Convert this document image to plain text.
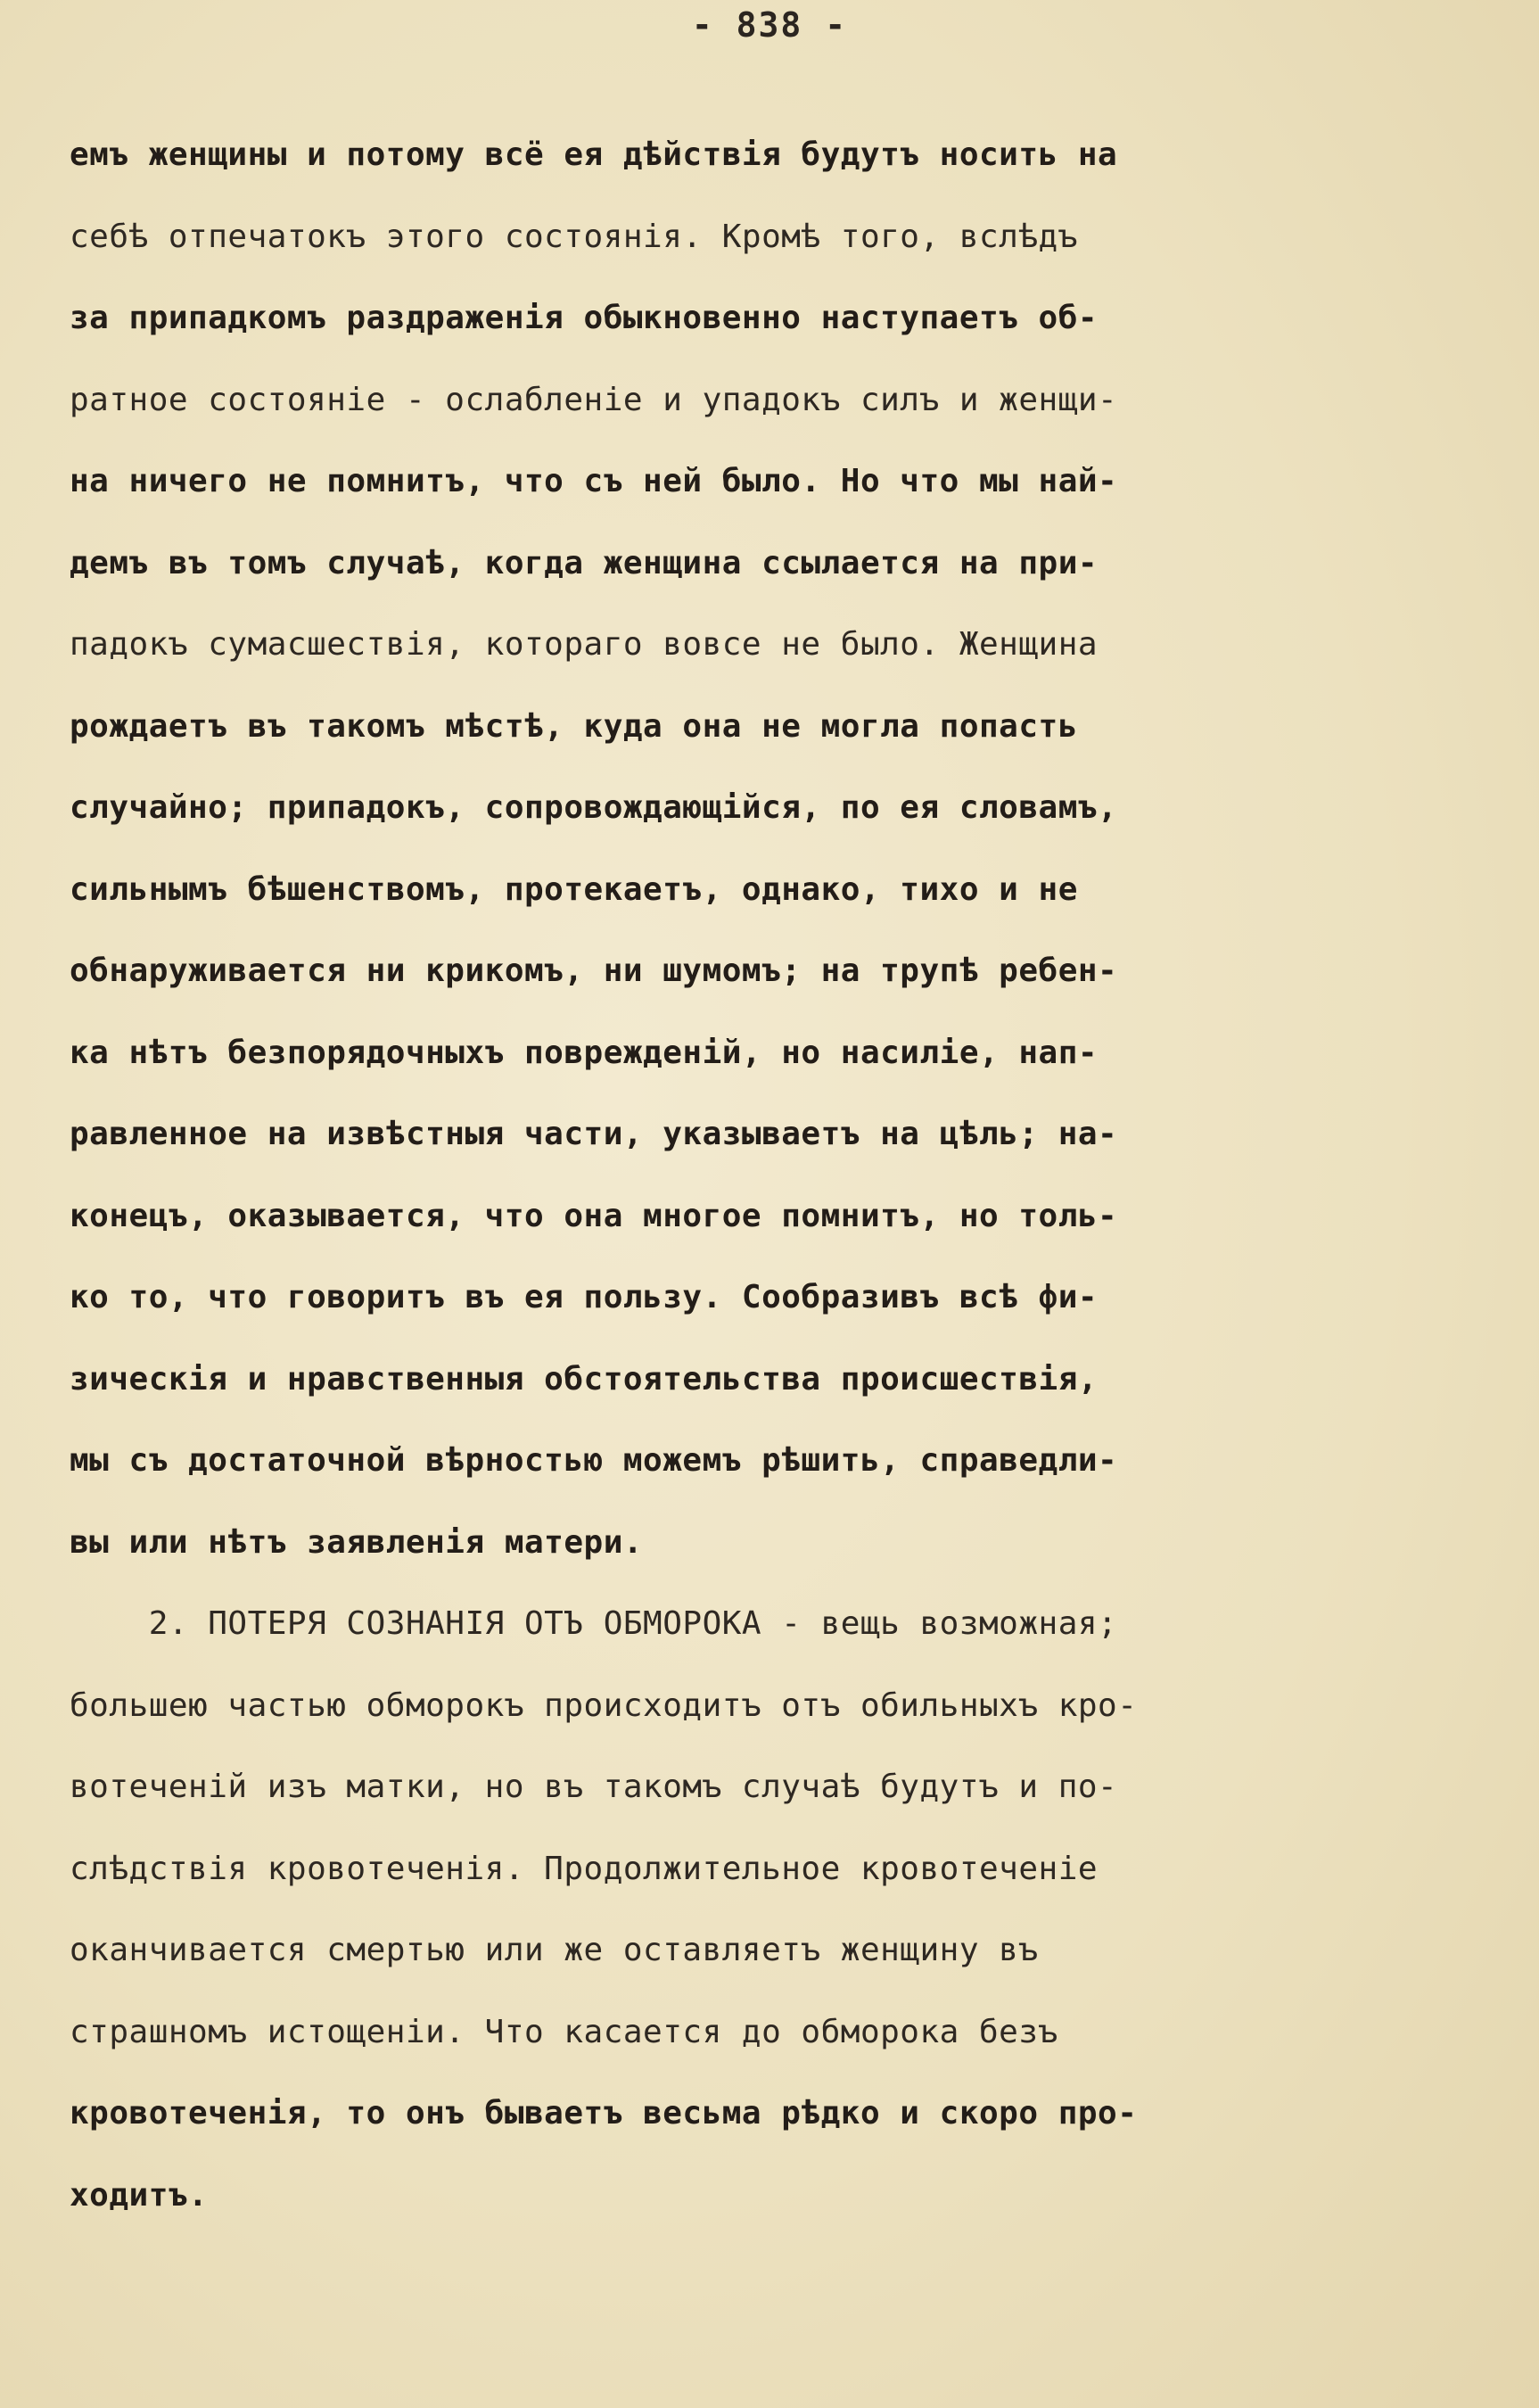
- 838 -
емъ женщины и потому всё ея дѣйствія будутъ носить на
себѣ отпечатокъ этого состоянія. Кромѣ того, вслѣдъ
за припадкомъ раздраженія обыкновенно наступаетъ об-
ратное состояніе - ослабленіе и упадокъ силъ и женщи-
на ничего не помнитъ, что съ ней было. Но что мы най-
демъ въ томъ случаѣ, когда женщина ссылается на при-
падокъ сумасшествія, котораго вовсе не было. Женщина
рождаетъ въ такомъ мѣстѣ, куда она не могла попасть
случайно; припадокъ, сопровождающійся, по ея словамъ,
сильнымъ бѣшенствомъ, протекаетъ, однако, тихо и не
обнаруживается ни крикомъ, ни шумомъ; на трупѣ ребен-
ка нѣтъ безпорядочныхъ поврежденій, но насиліе, нап-
равленное на извѣстныя части, указываетъ на цѣль; на-
конецъ, оказывается, что она многое помнитъ, но толь-
ко то, что говоритъ въ ея пользу. Сообразивъ всѣ фи-
зическія и нравственныя обстоятельства происшествія,
мы съ достаточной вѣрностью можемъ рѣшить, справедли-
вы или нѣтъ заявленія матери.
2. ПОТЕРЯ СОЗНАНІЯ ОТЪ ОБМОРОКА - вещь возможная;
большею частью обморокъ происходитъ отъ обильныхъ кро-
вотеченій изъ матки, но въ такомъ случаѣ будутъ и по-
слѣдствія кровотеченія. Продолжительное кровотеченіе
оканчивается смертью или же оставляетъ женщину въ
страшномъ истощеніи. Что касается до обморока безъ
кровотеченія, то онъ бываетъ весьма рѣдко и скоро про-
ходитъ.
